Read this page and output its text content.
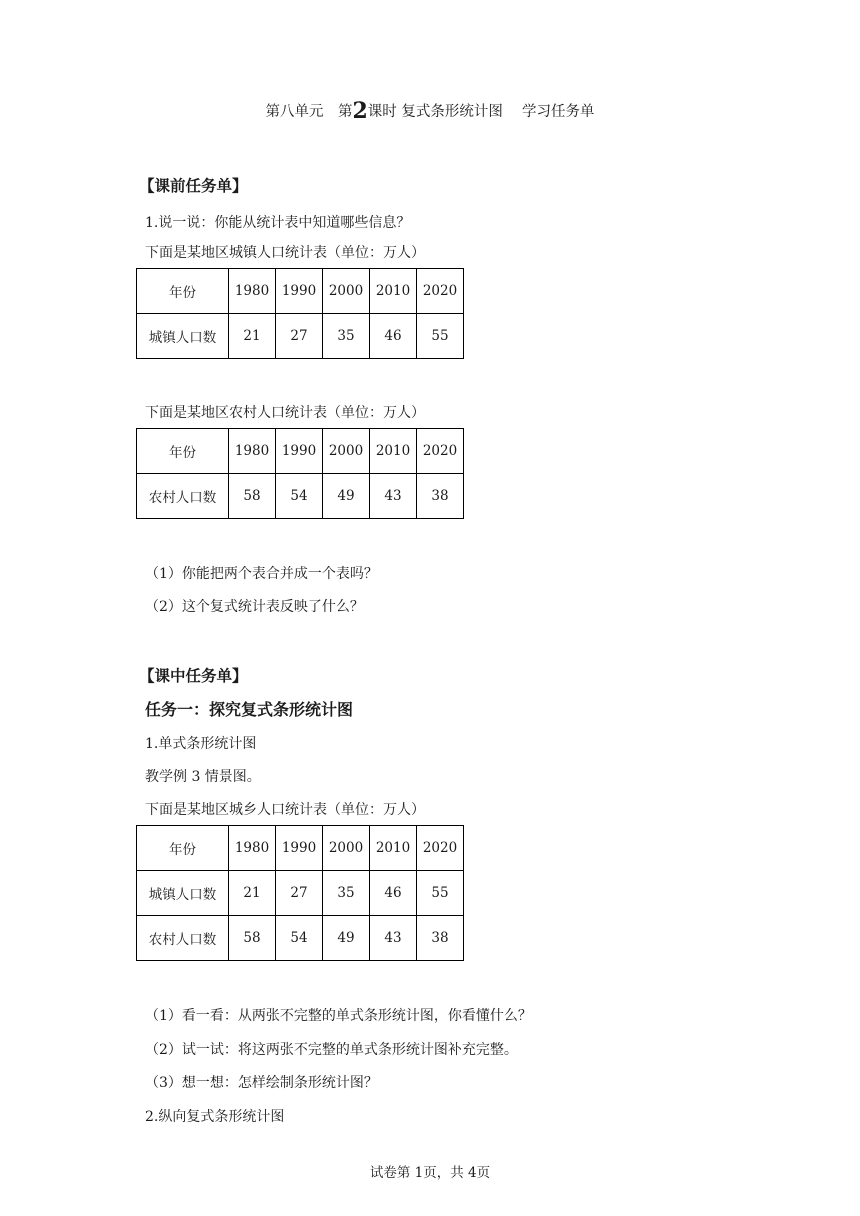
第八单元　第2课时 复式条形统计图　 学习任务单
【课前任务单】
1.说一说：你能从统计表中知道哪些信息？
下面是某地区城镇人口统计表（单位：万人）
年份	1980	1990	2000	2010	2020
城镇人口数	21	27	35	46	55
下面是某地区农村人口统计表（单位：万人）
年份	1980	1990	2000	2010	2020
农村人口数	58	54	49	43	38
（1）你能把两个表合并成一个表吗？
（2）这个复式统计表反映了什么？
【课中任务单】
任务一：探究复式条形统计图
1.单式条形统计图
教学例 3 情景图。
下面是某地区城乡人口统计表（单位：万人）
年份	1980	1990	2000	2010	2020
城镇人口数	21	27	35	46	55
农村人口数	58	54	49	43	38
（1）看一看：从两张不完整的单式条形统计图，你看懂什么？
（2）试一试：将这两张不完整的单式条形统计图补充完整。
（3）想一想：怎样绘制条形统计图？
2.纵向复式条形统计图
试卷第 1页，共 4页
